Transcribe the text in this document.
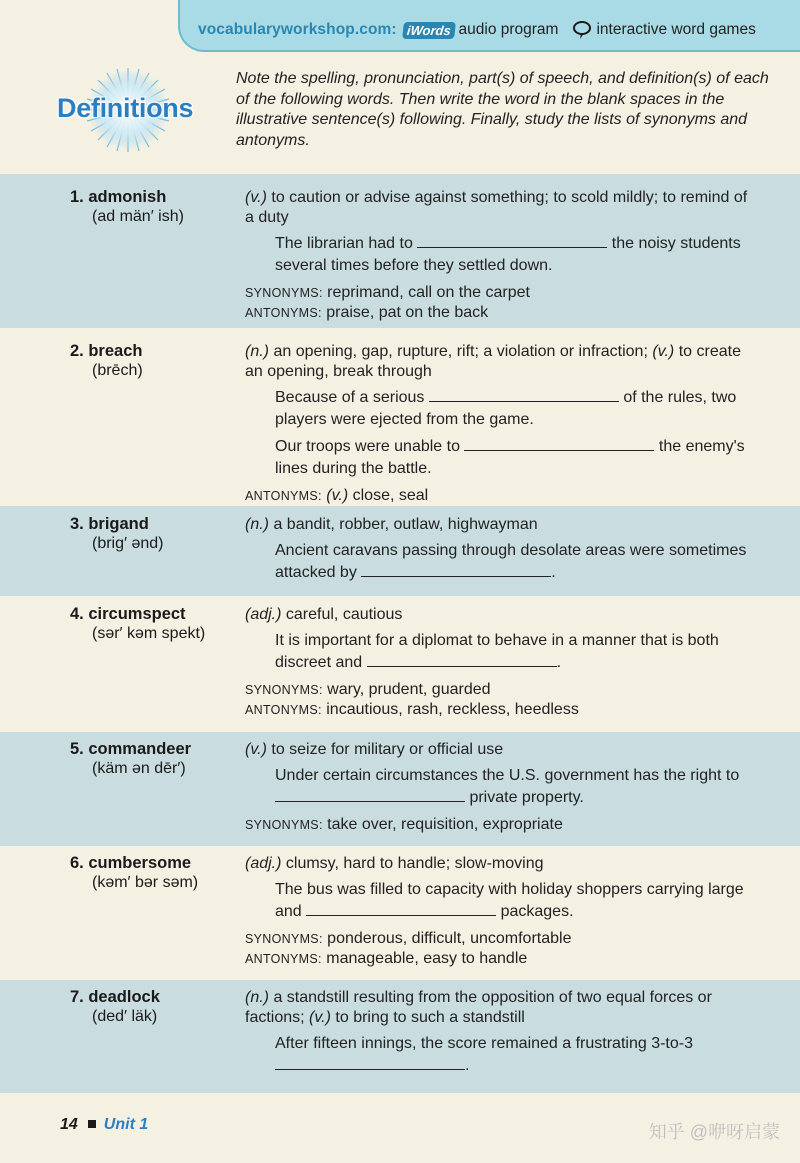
vocabularyworkshop.com: iWords audio program interactive word games
Definitions
Note the spelling, pronunciation, part(s) of speech, and definition(s) of each of the following words. Then write the word in the blank spaces in the illustrative sentence(s) following. Finally, study the lists of synonyms and antonyms.
1. admonish
(ad män′ ish)
(v.) to caution or advise against something; to scold mildly; to remind of a duty
The librarian had to	the noisy students several times before they settled down.
SYNONYMS: reprimand, call on the carpet
ANTONYMS: praise, pat on the back
2. breach
(brēch)
(n.) an opening, gap, rupture, rift; a violation or infraction; (v.) to create an opening, break through
Because of a serious	of the rules, two players were ejected from the game.
Our troops were unable to	the enemy's lines during the battle.
ANTONYMS: (v.) close, seal
3. brigand
(brig′ ənd)
(n.) a bandit, robber, outlaw, highwayman
Ancient caravans passing through desolate areas were sometimes attacked by	.
4. circumspect
(sər′ kəm spekt)
(adj.) careful, cautious
It is important for a diplomat to behave in a manner that is both discreet and	.
SYNONYMS: wary, prudent, guarded
ANTONYMS: incautious, rash, reckless, heedless
5. commandeer
(käm ən dēr′)
(v.) to seize for military or official use
Under certain circumstances the U.S. government has the right to  private property.
SYNONYMS: take over, requisition, expropriate
6. cumbersome
(kəm′ bər səm)
(adj.) clumsy, hard to handle; slow-moving
The bus was filled to capacity with holiday shoppers carrying large and	packages.
SYNONYMS: ponderous, difficult, uncomfortable
ANTONYMS: manageable, easy to handle
7. deadlock
(ded′ läk)
(n.) a standstill resulting from the opposition of two equal forces or factions; (v.) to bring to such a standstill
After fifteen innings, the score remained a frustrating 3-to-3 .
14 Unit 1	知乎 @咿呀启蒙
